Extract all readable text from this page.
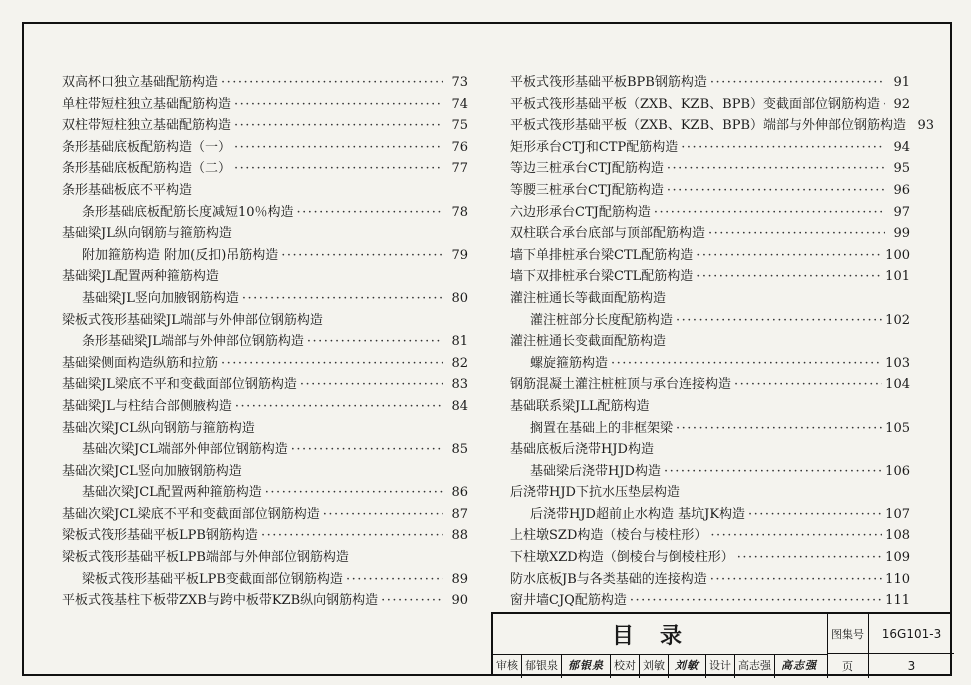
双高杯口独立基础配筋构造 ·····	73
单柱带短柱独立基础配筋构造 ·····	74
双柱带短柱独立基础配筋构造 ·····	75
条形基础底板配筋构造（一） ·····	76
条形基础底板配筋构造（二） ·····	77
条形基础板底不平构造
条形基础底板配筋长度减短10％构造 ·····	78
基础梁JL纵向钢筋与箍筋构造
附加箍筋构造 附加(反扣)吊筋构造 ·····	79
基础梁JL配置两种箍筋构造
基础梁JL竖向加腋钢筋构造 ·····	80
梁板式筏形基础梁JL端部与外伸部位钢筋构造
条形基础梁JL端部与外伸部位钢筋构造 ·····	81
基础梁侧面构造纵筋和拉筋 ·····	82
基础梁JL梁底不平和变截面部位钢筋构造 ·····	83
基础梁JL与柱结合部侧腋构造 ·····	84
基础次梁JCL纵向钢筋与箍筋构造
基础次梁JCL端部外伸部位钢筋构造 ·····	85
基础次梁JCL竖向加腋钢筋构造
基础次梁JCL配置两种箍筋构造 ·····	86
基础次梁JCL梁底不平和变截面部位钢筋构造 ·····	87
梁板式筏形基础平板LPB钢筋构造 ·····	88
梁板式筏形基础平板LPB端部与外伸部位钢筋构造
梁板式筏形基础平板LPB变截面部位钢筋构造 ·····	89
平板式筏基柱下板带ZXB与跨中板带KZB纵向钢筋构造 ·····	90
平板式筏形基础平板BPB钢筋构造 ·····	91
平板式筏形基础平板（ZXB、KZB、BPB）变截面部位钢筋构造 ·····	92
平板式筏形基础平板（ZXB、KZB、BPB）端部与外伸部位钢筋构造 93
矩形承台CTJ和CTP配筋构造 ·····	94
等边三桩承台CTJ配筋构造 ·····	95
等腰三桩承台CTJ配筋构造 ·····	96
六边形承台CTJ配筋构造 ·····	97
双柱联合承台底部与顶部配筋构造 ·····	99
墙下单排桩承台梁CTL配筋构造 ·····	100
墙下双排桩承台梁CTL配筋构造 ·····	101
灌注桩通长等截面配筋构造
灌注桩部分长度配筋构造 ·····	102
灌注桩通长变截面配筋构造
螺旋箍筋构造 ·····	103
钢筋混凝土灌注桩桩顶与承台连接构造 ·····	104
基础联系梁JLL配筋构造
搁置在基础上的非框架梁 ·····	105
基础底板后浇带HJD构造
基础梁后浇带HJD构造 ·····	106
后浇带HJD下抗水压垫层构造
后浇带HJD超前止水构造 基坑JK构造 ·····	107
上柱墩SZD构造（棱台与棱柱形） ·····	108
下柱墩XZD构造（倒棱台与倒棱柱形） ·····	109
防水底板JB与各类基础的连接构造 ·····	110
窗井墙CJQ配筋构造 ·····	111
目录	图集号	16G101-3
审核 郁银泉 郁银泉 校对 刘敏 刘敏 设计 高志强 高志强	页	3
